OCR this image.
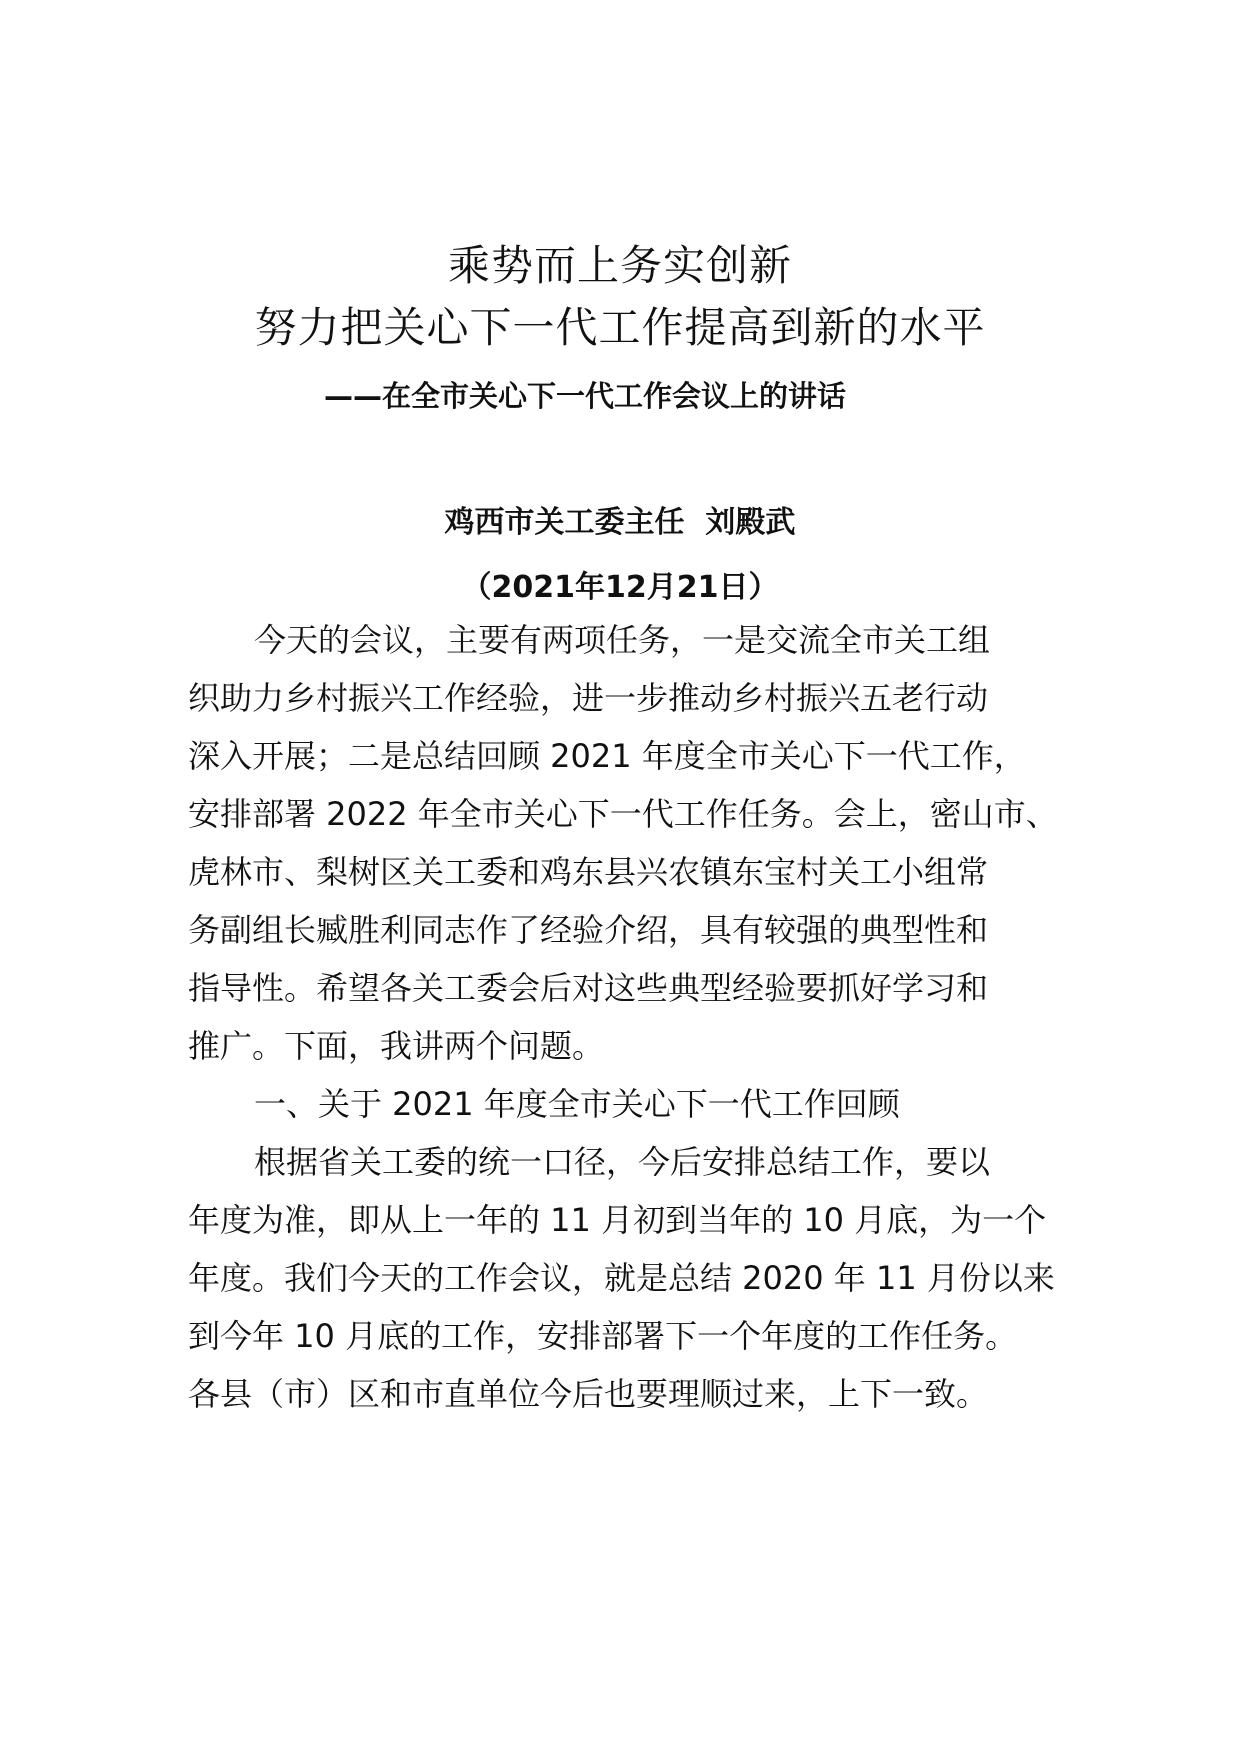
乘势而上务实创新
努力把关心下一代工作提高到新的水平
——在全市关心下一代工作会议上的讲话
鸡西市关工委主任  刘殿武
（2021年12月21日）
今天的会议，主要有两项任务，一是交流全市关工组
织助力乡村振兴工作经验，进一步推动乡村振兴五老行动
深入开展；二是总结回顾 2021 年度全市关心下一代工作，
安排部署 2022 年全市关心下一代工作任务。会上，密山市、
虎林市、梨树区关工委和鸡东县兴农镇东宝村关工小组常
务副组长臧胜利同志作了经验介绍，具有较强的典型性和
指导性。希望各关工委会后对这些典型经验要抓好学习和
推广。下面，我讲两个问题。
一、关于 2021 年度全市关心下一代工作回顾
根据省关工委的统一口径，今后安排总结工作，要以
年度为准，即从上一年的 11 月初到当年的 10 月底，为一个
年度。我们今天的工作会议，就是总结 2020 年 11 月份以来
到今年 10 月底的工作，安排部署下一个年度的工作任务。
各县（市）区和市直单位今后也要理顺过来，上下一致。
